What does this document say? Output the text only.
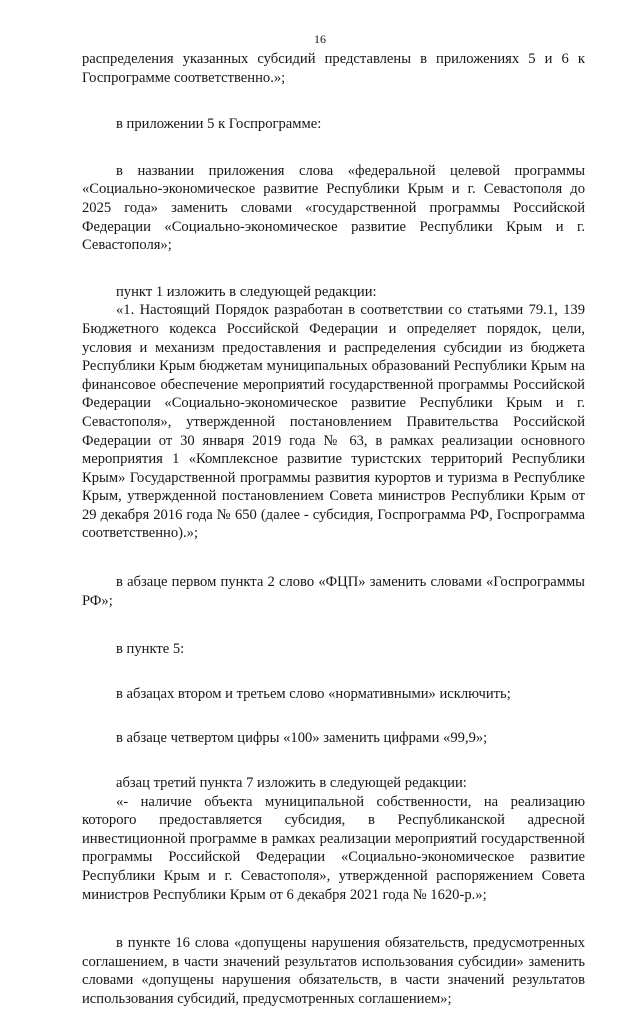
16

распределения указанных субсидий представлены в приложениях 5 и 6 к Госпрограмме соответственно.»;

в приложении 5 к Госпрограмме:

в названии приложения слова «федеральной целевой программы «Социально-экономическое развитие Республики Крым и г. Севастополя до 2025 года» заменить словами «государственной программы Российской Федерации «Социально-экономическое развитие Республики Крым и г. Севастополя»;

пункт 1 изложить в следующей редакции:

«1. Настоящий Порядок разработан в соответствии со статьями 79.1, 139 Бюджетного кодекса Российской Федерации и определяет порядок, цели, условия и механизм предоставления и распределения субсидии из бюджета Республики Крым бюджетам муниципальных образований Республики Крым на финансовое обеспечение мероприятий государственной программы Российской Федерации «Социально-экономическое развитие Республики Крым и г. Севастополя», утвержденной постановлением Правительства Российской Федерации от 30 января 2019 года № 63, в рамках реализации основного мероприятия 1 «Комплексное развитие туристских территорий Республики Крым» Государственной программы развития курортов и туризма в Республике Крым, утвержденной постановлением Совета министров Республики Крым от 29 декабря 2016 года № 650 (далее - субсидия, Госпрограмма РФ, Госпрограмма соответственно).»;

в абзаце первом пункта 2 слово «ФЦП» заменить словами «Госпрограммы РФ»;

в пункте 5:

в абзацах втором и третьем слово «нормативными» исключить;

в абзаце четвертом цифры «100» заменить цифрами «99,9»;

абзац третий пункта 7 изложить в следующей редакции:

«- наличие объекта муниципальной собственности, на реализацию которого предоставляется субсидия, в Республиканской адресной инвестиционной программе в рамках реализации мероприятий государственной программы Российской Федерации «Социально-экономическое развитие Республики Крым и г. Севастополя», утвержденной распоряжением Совета министров Республики Крым от 6 декабря 2021 года № 1620-р.»;

в пункте 16 слова «допущены нарушения обязательств, предусмотренных соглашением, в части значений результатов использования субсидии» заменить словами «допущены нарушения обязательств, в части значений результатов использования субсидий, предусмотренных соглашением»;
